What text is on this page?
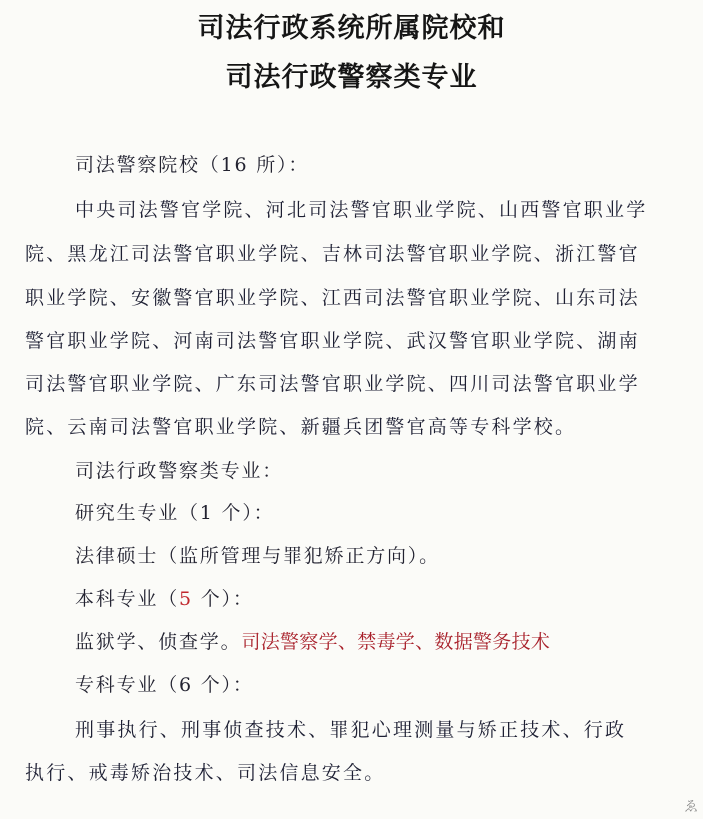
司法行政系统所属院校和
司法行政警察类专业
司法警察院校（16 所）：
中央司法警官学院、河北司法警官职业学院、山西警官职业学
院、黑龙江司法警官职业学院、吉林司法警官职业学院、浙江警官
职业学院、安徽警官职业学院、江西司法警官职业学院、山东司法
警官职业学院、河南司法警官职业学院、武汉警官职业学院、湖南
司法警官职业学院、广东司法警官职业学院、四川司法警官职业学
院、云南司法警官职业学院、新疆兵团警官高等专科学校。
司法行政警察类专业：
研究生专业（1 个）：
法律硕士（监所管理与罪犯矫正方向）。
本科专业（5 个）：
监狱学、侦查学。司法警察学、禁毒学、数据警务技术
专科专业（6 个）：
刑事执行、刑事侦查技术、罪犯心理测量与矫正技术、行政
执行、戒毒矫治技术、司法信息安全。
ゑ
